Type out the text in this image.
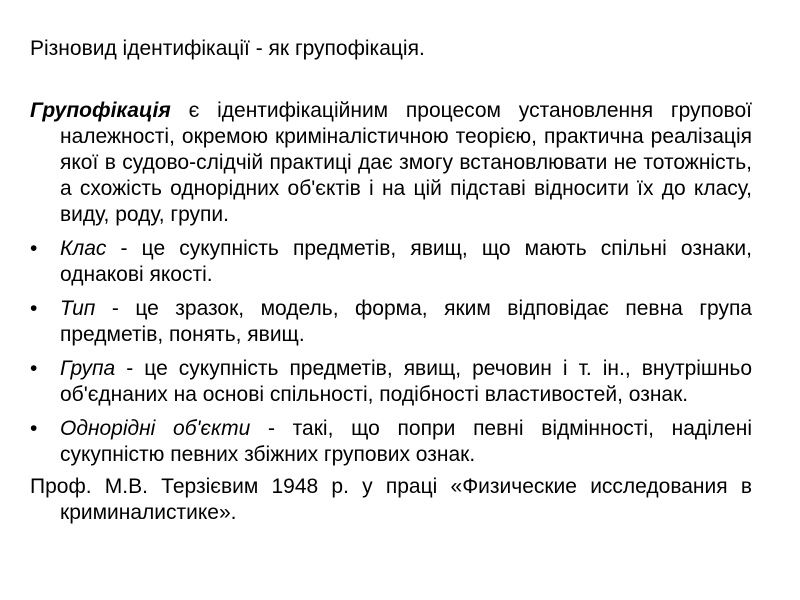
Різновид ідентифікації - як групофікація.

Групофікація є ідентифікаційним процесом установлення групової належності, окремою криміналістичною теорією, практична реалізація якої в судово-слідчій практиці дає змогу встановлювати не тотожність, а схожість однорідних об'єктів і на цій підставі відносити їх до класу, виду, роду, групи.

•	Клас - це сукупність предметів, явищ, що мають спільні ознаки, однакові якості.
•	Тип - це зразок, модель, форма, яким відповідає певна група предметів, понять, явищ.
•	Група - це сукупність предметів, явищ, речовин і т. ін., внутрішньо об'єднаних на основі спільності, подібності властивостей, ознак.
•	Однорідні об'єкти - такі, що попри певні відмінності, наділені сукупністю певних збіжних групових ознак.

Проф. М.В. Терзієвим 1948 р. у праці «Физические исследования в криминалистике».
